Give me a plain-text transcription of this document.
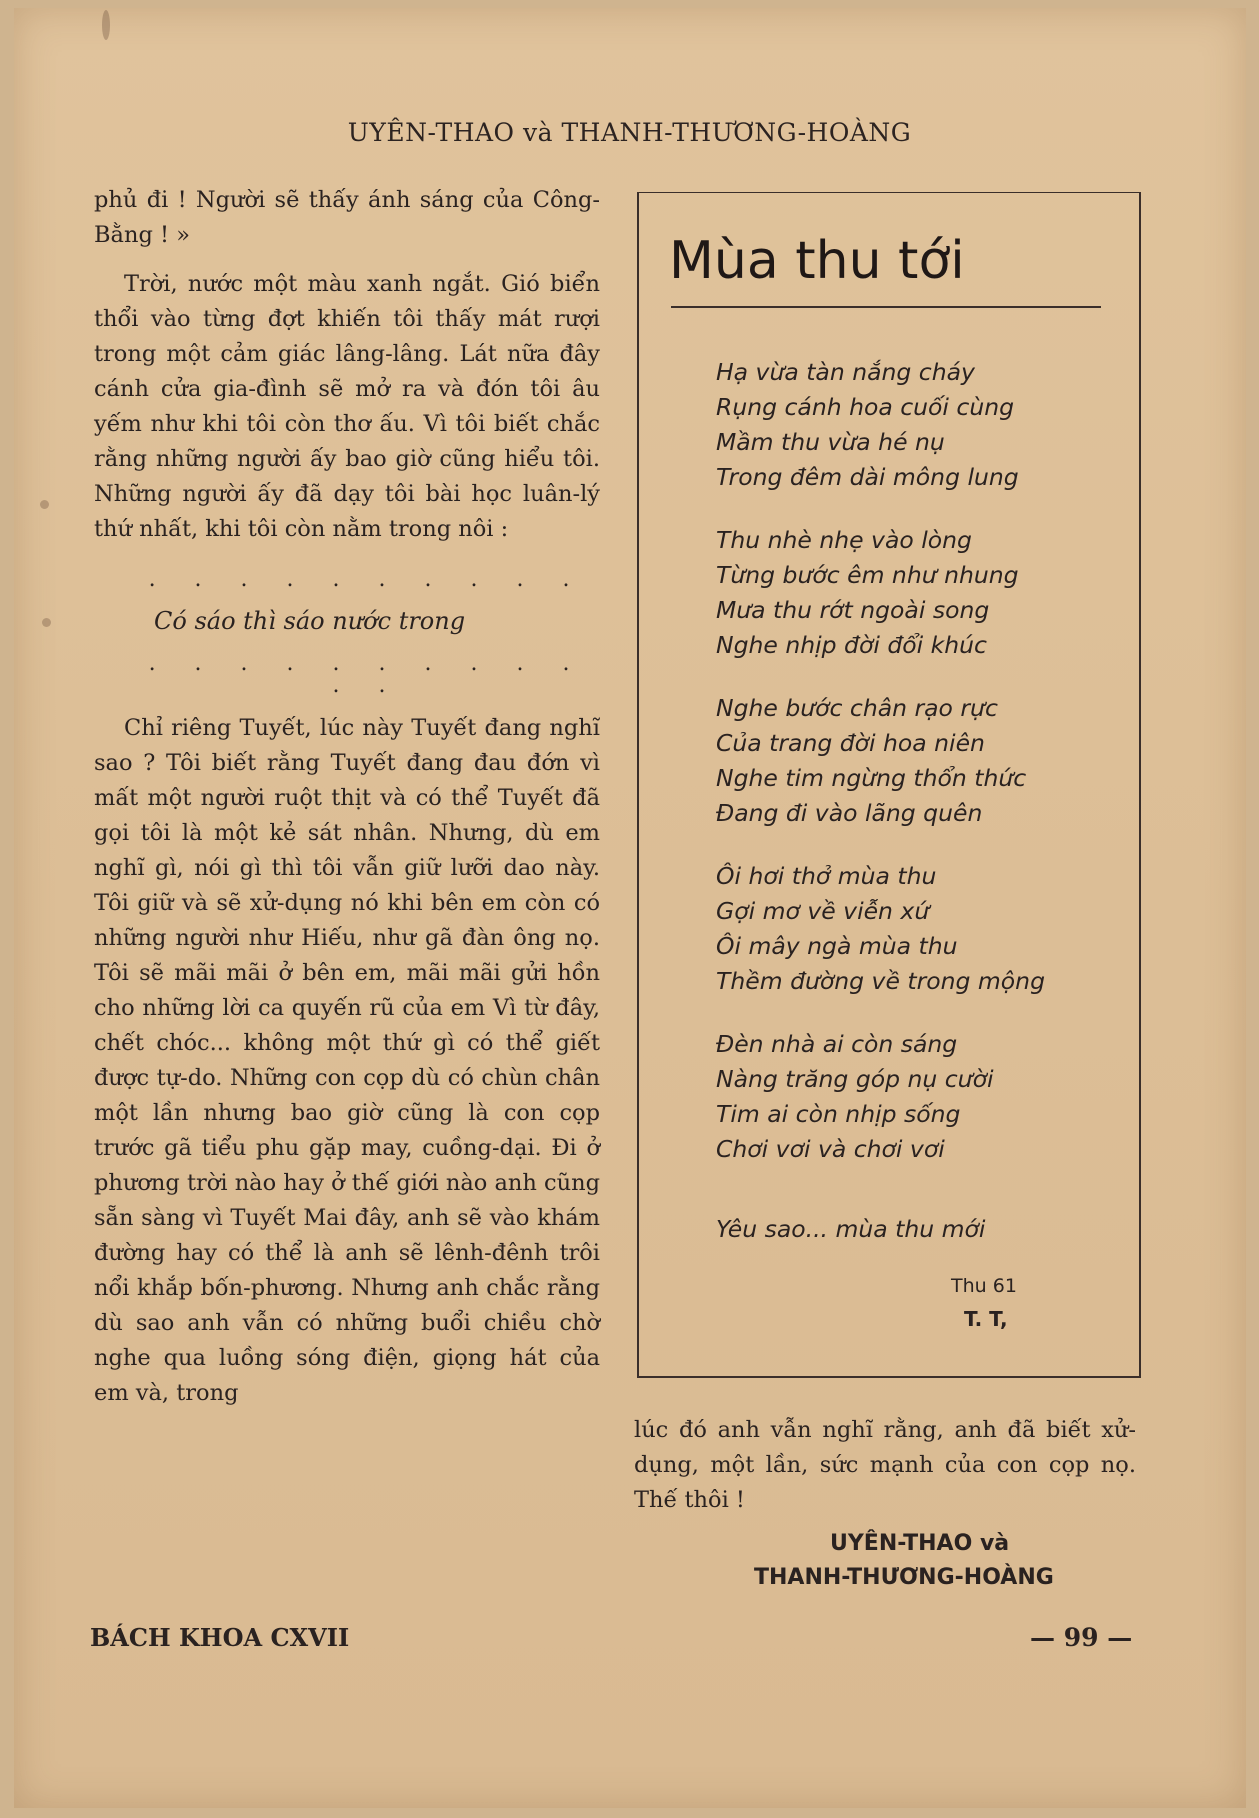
UYÊN-THAO và THANH-THƯƠNG-HOÀNG

phủ đi ! Người sẽ thấy ánh sáng của Công-Bằng ! »

Trời, nước một màu xanh ngắt. Gió biển thổi vào từng đợt khiến tôi thấy mát rượi trong một cảm giác lâng-lâng. Lát nữa đây cánh cửa gia-đình sẽ mở ra và đón tôi âu yếm như khi tôi còn thơ ấu. Vì tôi biết chắc rằng những người ấy bao giờ cũng hiểu tôi. Những người ấy đã dạy tôi bài học luân-lý thứ nhất, khi tôi còn nằm trong nôi :

. . . . . . . . . .
Có sáo thì sáo nước trong
. . . . . . . . . . . .

Chỉ riêng Tuyết, lúc này Tuyết đang nghĩ sao ? Tôi biết rằng Tuyết đang đau đớn vì mất một người ruột thịt và có thể Tuyết đã gọi tôi là một kẻ sát nhân. Nhưng, dù em nghĩ gì, nói gì thì tôi vẫn giữ lưỡi dao này. Tôi giữ và sẽ xử-dụng nó khi bên em còn có những người như Hiếu, như gã đàn ông nọ. Tôi sẽ mãi mãi ở bên em, mãi mãi gửi hồn cho những lời ca quyến rũ của em Vì từ đây, chết chóc... không một thứ gì có thể giết được tự-do. Những con cọp dù có chùn chân một lần nhưng bao giờ cũng là con cọp trước gã tiểu phu gặp may, cuồng-dại. Đi ở phương trời nào hay ở thế giới nào anh cũng sẵn sàng vì Tuyết Mai đây, anh sẽ vào khám đường hay có thể là anh sẽ lênh-đênh trôi nổi khắp bốn-phương. Nhưng anh chắc rằng dù sao anh vẫn có những buổi chiều chờ nghe qua luồng sóng điện, giọng hát của em và, trong

Mùa thu tới
Hạ vừa tàn nắng cháy
Rụng cánh hoa cuối cùng
Mầm thu vừa hé nụ
Trong đêm dài mông lung
Thu nhè nhẹ vào lòng
Từng bước êm như nhung
Mưa thu rớt ngoài song
Nghe nhịp đời đổi khúc
Nghe bước chân rạo rực
Của trang đời hoa niên
Nghe tim ngừng thổn thức
Đang đi vào lãng quên
Ôi hơi thở mùa thu
Gợi mơ về viễn xứ
Ôi mây ngà mùa thu
Thềm đường về trong mộng
Đèn nhà ai còn sáng
Nàng trăng góp nụ cười
Tim ai còn nhịp sống
Chơi vơi và chơi vơi
Yêu sao... mùa thu mới
Thu 61
T. T,

lúc đó anh vẫn nghĩ rằng, anh đã biết xử-dụng, một lần, sức mạnh của con cọp nọ. Thế thôi !

UYÊN-THAO và
THANH-THƯƠNG-HOÀNG
BÁCH KHOA CXVII	— 99 —
